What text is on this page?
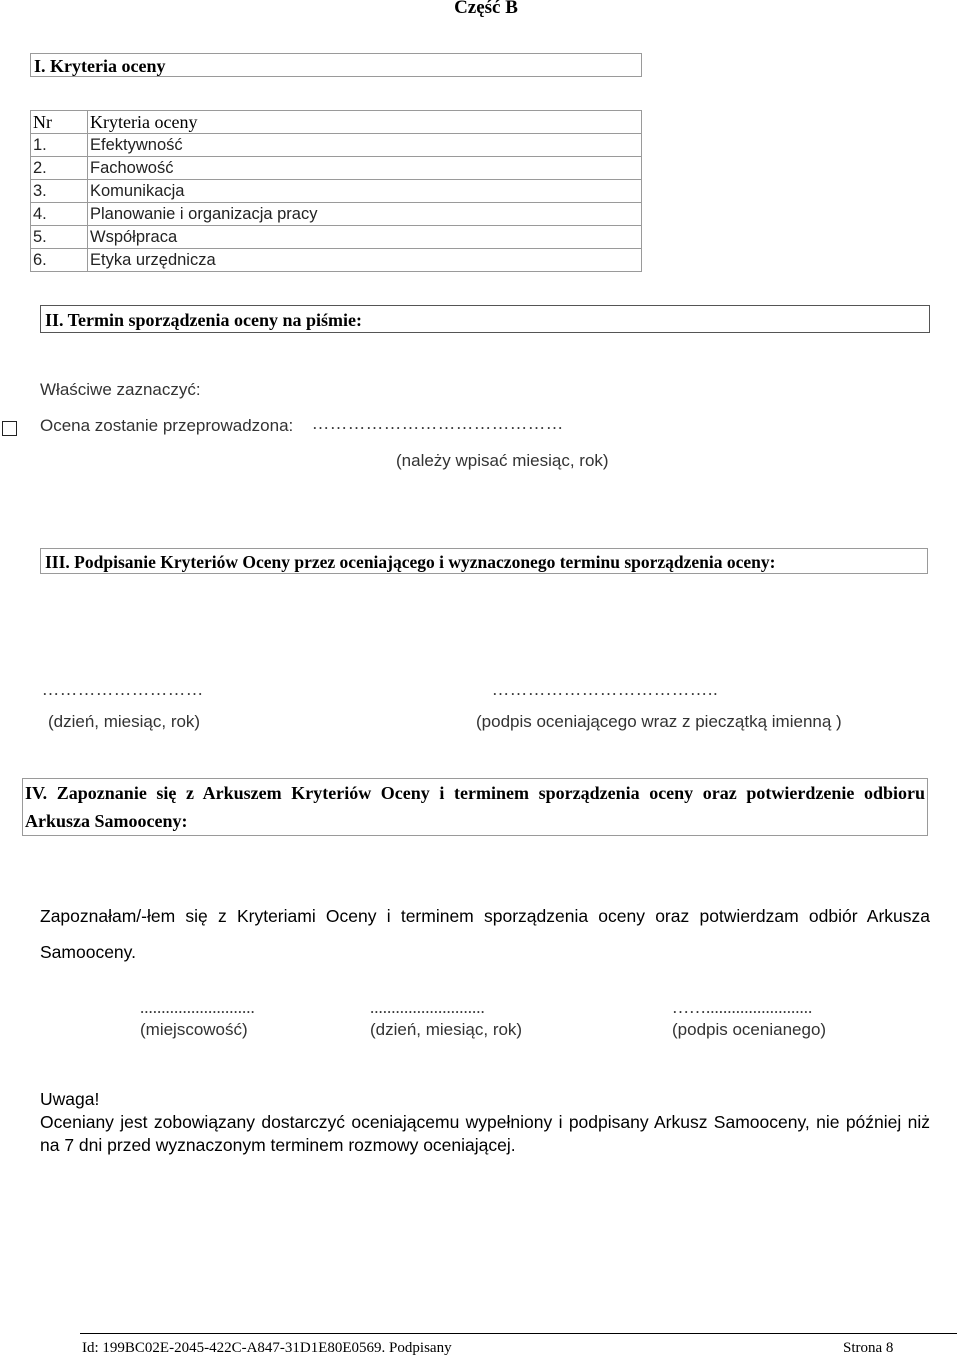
Część B
I. Kryteria oceny
Nr	Kryteria oceny
1.	Efektywność
2.	Fachowość
3.	Komunikacja
4.	Planowanie i organizacja pracy
5.	Współpraca
6.	Etyka urzędnicza
II. Termin sporządzenia oceny na piśmie:
Właściwe zaznaczyć:
Ocena zostanie przeprowadzona: ……………………………………
(należy wpisać miesiąc, rok)
III. Podpisanie Kryteriów Oceny przez oceniającego i wyznaczonego terminu sporządzenia oceny:
………………………	………………………………..
(dzień, miesiąc, rok)	(podpis oceniającego wraz z pieczątką imienną )
IV. Zapoznanie się z Arkuszem Kryteriów Oceny i terminem sporządzenia oceny oraz potwierdzenie odbioru Arkusza Samooceny:
Zapoznałam/-łem się z Kryteriami Oceny i terminem sporządzenia oceny oraz potwierdzam odbiór Arkusza Samooceny.
...........................	...........................	…….........................
(miejscowość)	(dzień, miesiąc, rok)	(podpis ocenianego)
Uwaga!
Oceniany jest zobowiązany dostarczyć oceniającemu wypełniony i podpisany Arkusz Samooceny, nie później niż na 7 dni przed wyznaczonym terminem rozmowy oceniającej.
Id: 199BC02E-2045-422C-A847-31D1E80E0569. Podpisany	Strona 8
